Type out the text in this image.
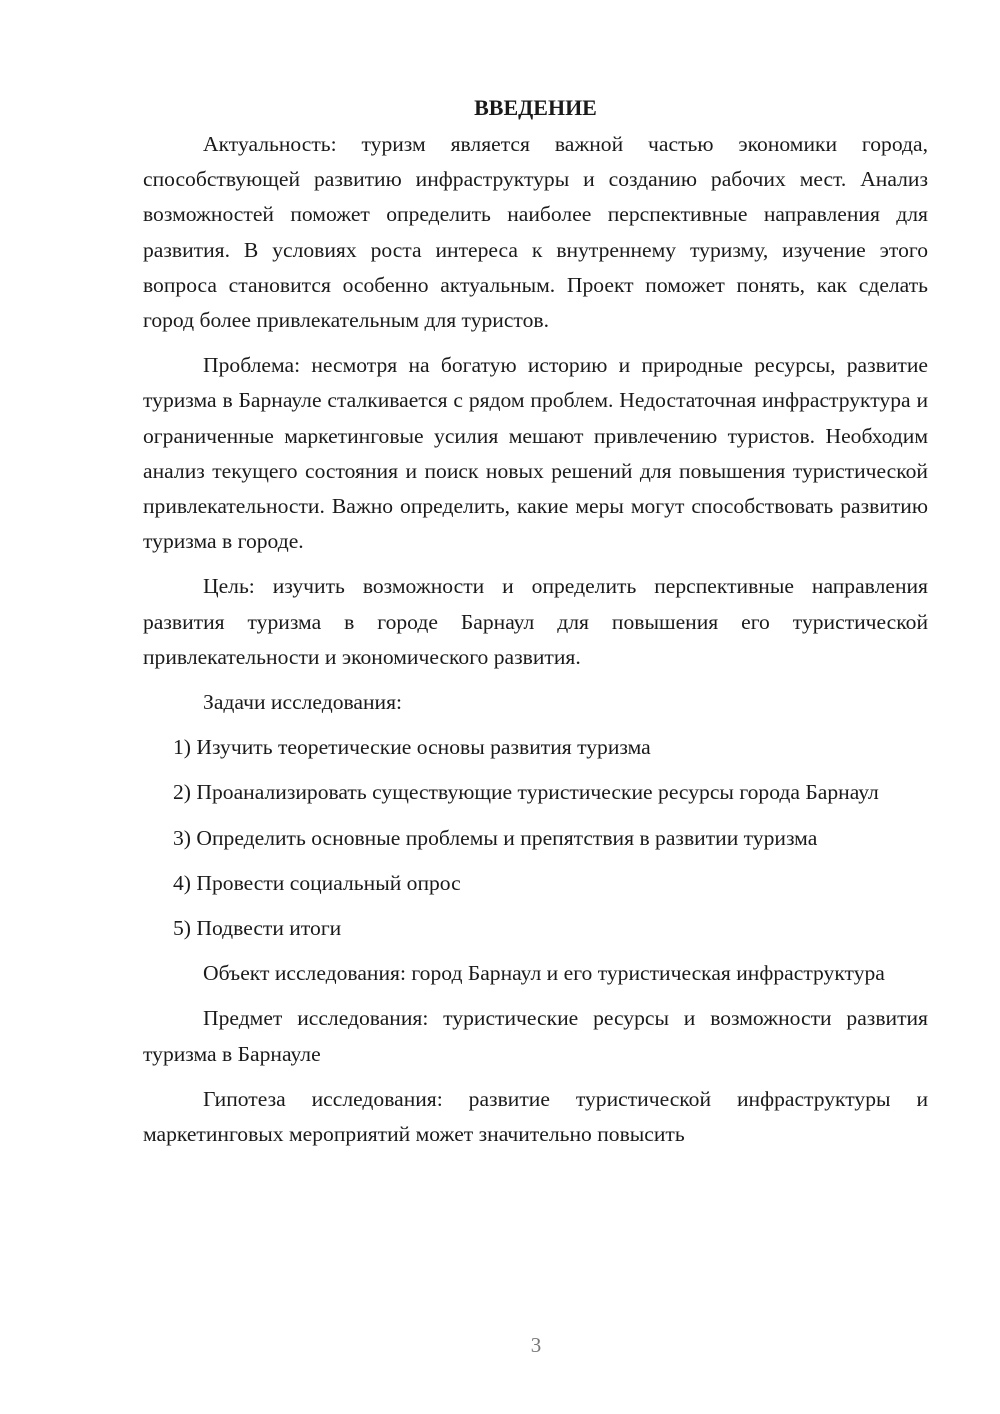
ВВЕДЕНИЕ

Актуальность: туризм является важной частью экономики города, способствующей развитию инфраструктуры и созданию рабочих мест. Анализ возможностей поможет определить наиболее перспективные направления для развития. В условиях роста интереса к внутреннему туризму, изучение этого вопроса становится особенно актуальным. Проект поможет понять, как сделать город более привлекательным для туристов.

Проблема: несмотря на богатую историю и природные ресурсы, развитие туризма в Барнауле сталкивается с рядом проблем. Недостаточная инфраструктура и ограниченные маркетинговые усилия мешают привлечению туристов. Необходим анализ текущего состояния и поиск новых решений для повышения туристической привлекательности. Важно определить, какие меры могут способствовать развитию туризма в городе.

Цель: изучить возможности и определить перспективные направления развития туризма в городе Барнаул для повышения его туристической привлекательности и экономического развития.

Задачи исследования:

1) Изучить теоретические основы развития туризма

2) Проанализировать существующие туристические ресурсы города Барнаул

3) Определить основные проблемы и препятствия в развитии туризма

4) Провести социальный опрос

5) Подвести итоги

Объект исследования: город Барнаул и его туристическая инфраструктура

Предмет исследования: туристические ресурсы и возможности развития туризма в Барнауле

Гипотеза исследования: развитие туристической инфраструктуры и маркетинговых мероприятий может значительно повысить

3
